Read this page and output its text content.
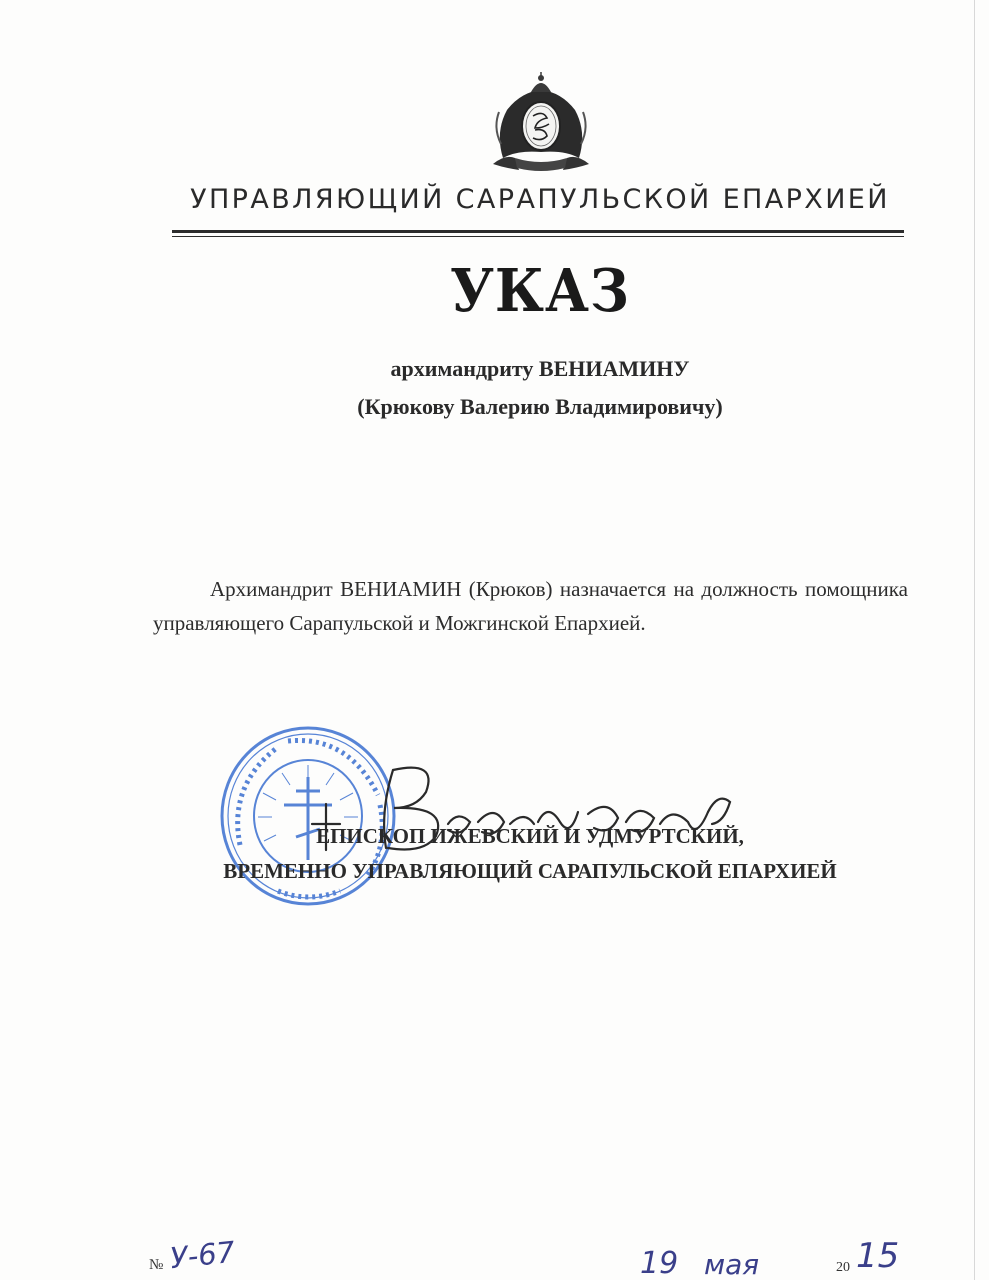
УПРАВЛЯЮЩИЙ САРАПУЛЬСКОЙ ЕПАРХИЕЙ
УКАЗ
архимандриту ВЕНИАМИНУ
(Крюкову Валерию Владимировичу)
Архимандрит ВЕНИАМИН (Крюков) назначается на должность помощника управляющего Сарапульской и Можгинской Епархией.
ЕПИСКОП ИЖЕВСКИЙ И УДМУРТСКИЙ,
ВРЕМЕННО УПРАВЛЯЮЩИЙ САРАПУЛЬСКОЙ ЕПАРХИЕЙ
№ У-67	19 мая	20 15
